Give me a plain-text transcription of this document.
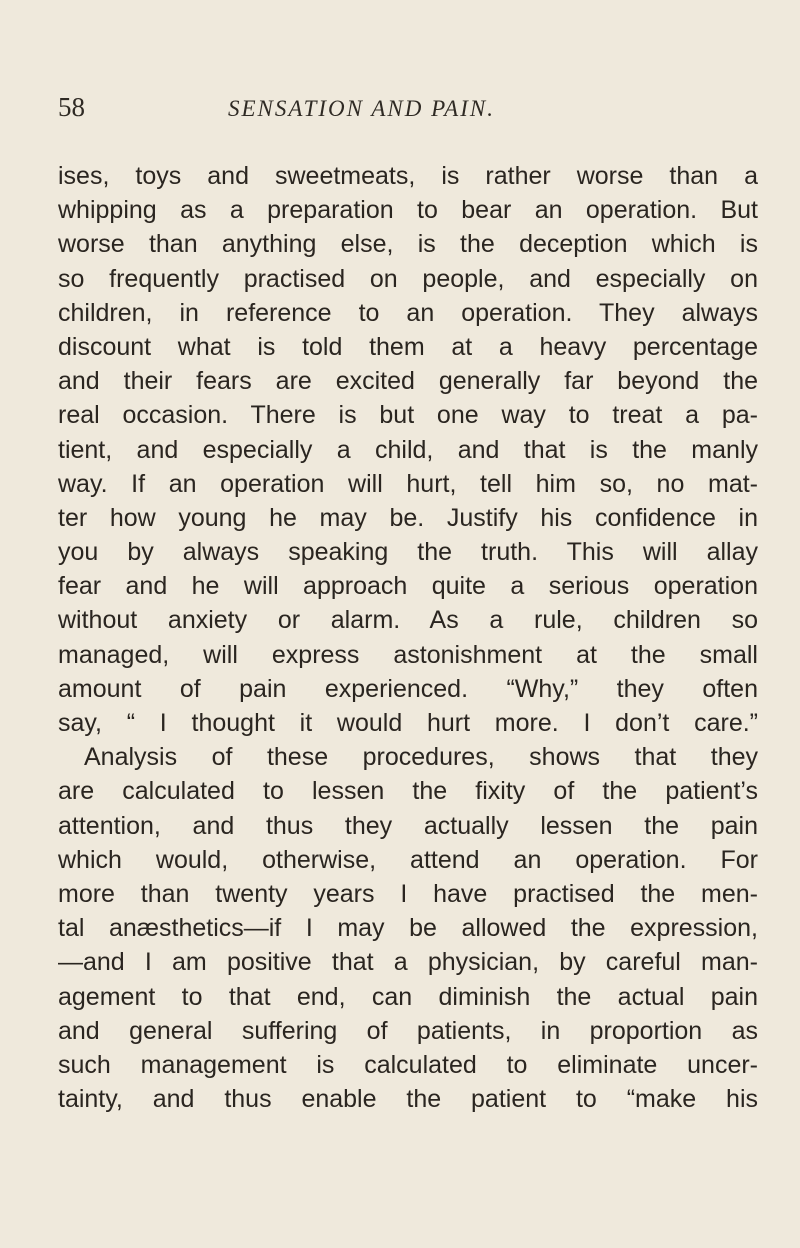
58	SENSATION AND PAIN.
ises, toys and sweetmeats, is rather worse than a
whipping as a preparation to bear an operation. But
worse than anything else, is the deception which is
so frequently practised on people, and especially on
children, in reference to an operation. They always
discount what is told them at a heavy percentage
and their fears are excited generally far beyond the
real occasion. There is but one way to treat a pa-
tient, and especially a child, and that is the manly
way. If an operation will hurt, tell him so, no mat-
ter how young he may be. Justify his confidence in
you by always speaking the truth. This will allay
fear and he will approach quite a serious operation
without anxiety or alarm. As a rule, children so
managed, will express astonishment at the small
amount of pain experienced. “Why,” they often
say, “ I thought it would hurt more. I don’t care.”
Analysis of these procedures, shows that they
are calculated to lessen the fixity of the patient’s
attention, and thus they actually lessen the pain
which would, otherwise, attend an operation. For
more than twenty years I have practised the men-
tal anæsthetics—if I may be allowed the expression,
—and I am positive that a physician, by careful man-
agement to that end, can diminish the actual pain
and general suffering of patients, in proportion as
such management is calculated to eliminate uncer-
tainty, and thus enable the patient to “make his
